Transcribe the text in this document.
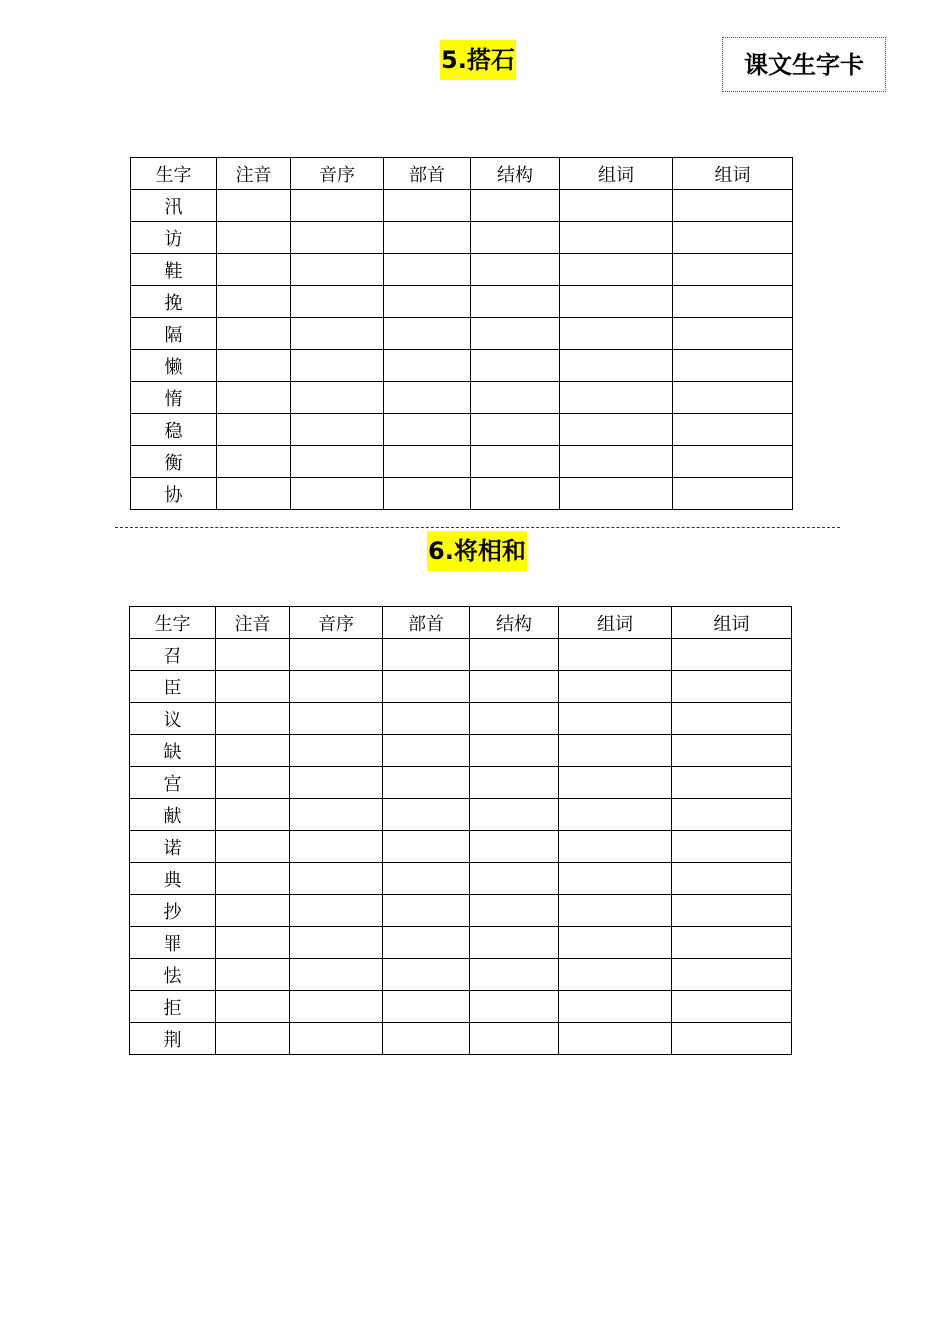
5.搭石	课文生字卡
生字	注音	音序	部首	结构	组词	组词
汛						
访						
鞋						
挽						
隔						
懒						
惰						
稳						
衡						
协						
6.将相和
生字	注音	音序	部首	结构	组词	组词
召						
臣						
议						
缺						
宫						
献						
诺						
典						
抄						
罪						
怯						
拒						
荆						
